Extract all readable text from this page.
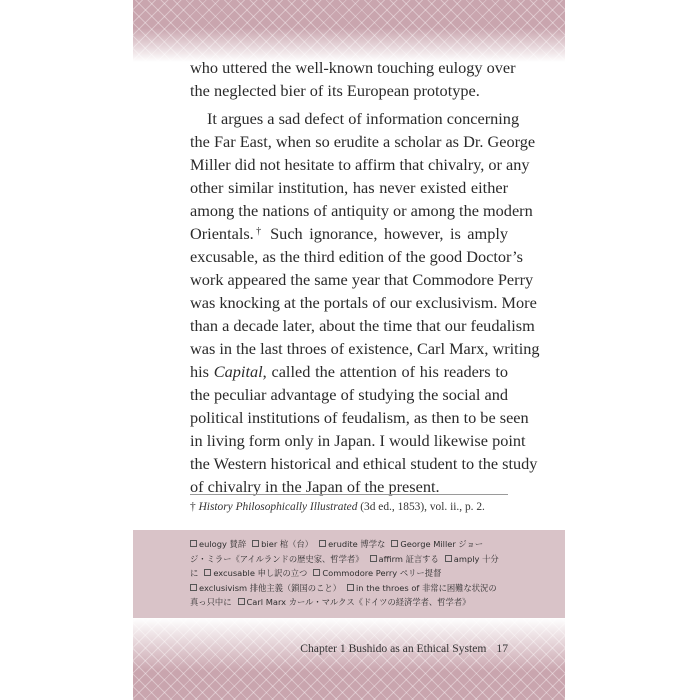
who uttered the well-known touching eulogy over
the neglected bier of its European prototype.
It argues a sad defect of information concerning
the Far East, when so erudite a scholar as Dr. George
Miller did not hesitate to affirm that chivalry, or any
other similar institution, has never existed either
among the nations of antiquity or among the modern
Orientals.† Such ignorance, however, is amply
excusable, as the third edition of the good Doctor’s
work appeared the same year that Commodore Perry
was knocking at the portals of our exclusivism. More
than a decade later, about the time that our feudalism
was in the last throes of existence, Carl Marx, writing
his Capital, called the attention of his readers to
the peculiar advantage of studying the social and
political institutions of feudalism, as then to be seen
in living form only in Japan. I would likewise point
the Western historical and ethical student to the study
of chivalry in the Japan of the present.
† History Philosophically Illustrated (3d ed., 1853), vol. ii., p. 2.
eulogy 賛辞 bier 棺（台） erudite 博学な George Miller ジョー
ジ・ミラー《アイルランドの歴史家、哲学者》 affirm 証言する amply 十分
に excusable 申し訳の立つ Commodore Perry ペリー提督
exclusivism 排他主義（鎖国のこと） in the throes of 非常に困難な状況の
真っ只中に Carl Marx カール・マルクス《ドイツの経済学者、哲学者》
Chapter 1 Bushido as an Ethical System 17
